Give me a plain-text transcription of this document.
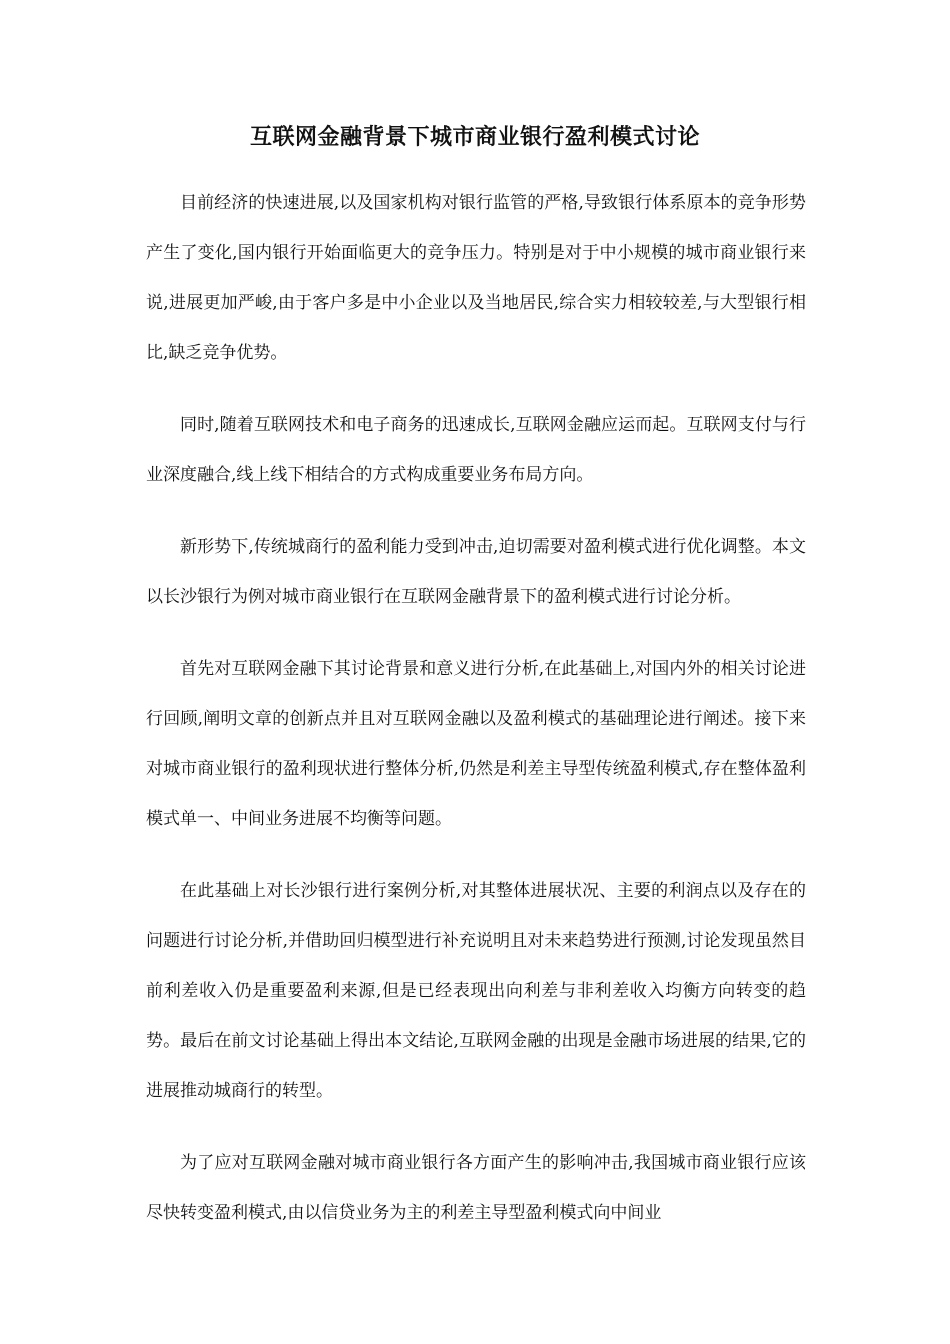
互联网金融背景下城市商业银行盈利模式讨论

目前经济的快速进展,以及国家机构对银行监管的严格,导致银行体系原本的竞争形势产生了变化,国内银行开始面临更大的竞争压力。特别是对于中小规模的城市商业银行来说,进展更加严峻,由于客户多是中小企业以及当地居民,综合实力相较较差,与大型银行相比,缺乏竞争优势。

同时,随着互联网技术和电子商务的迅速成长,互联网金融应运而起。互联网支付与行业深度融合,线上线下相结合的方式构成重要业务布局方向。

新形势下,传统城商行的盈利能力受到冲击,迫切需要对盈利模式进行优化调整。本文以长沙银行为例对城市商业银行在互联网金融背景下的盈利模式进行讨论分析。

首先对互联网金融下其讨论背景和意义进行分析,在此基础上,对国内外的相关讨论进行回顾,阐明文章的创新点并且对互联网金融以及盈利模式的基础理论进行阐述。接下来对城市商业银行的盈利现状进行整体分析,仍然是利差主导型传统盈利模式,存在整体盈利模式单一、中间业务进展不均衡等问题。

在此基础上对长沙银行进行案例分析,对其整体进展状况、主要的利润点以及存在的问题进行讨论分析,并借助回归模型进行补充说明且对未来趋势进行预测,讨论发现虽然目前利差收入仍是重要盈利来源,但是已经表现出向利差与非利差收入均衡方向转变的趋势。最后在前文讨论基础上得出本文结论,互联网金融的出现是金融市场进展的结果,它的进展推动城商行的转型。

为了应对互联网金融对城市商业银行各方面产生的影响冲击,我国城市商业银行应该尽快转变盈利模式,由以信贷业务为主的利差主导型盈利模式向中间业
